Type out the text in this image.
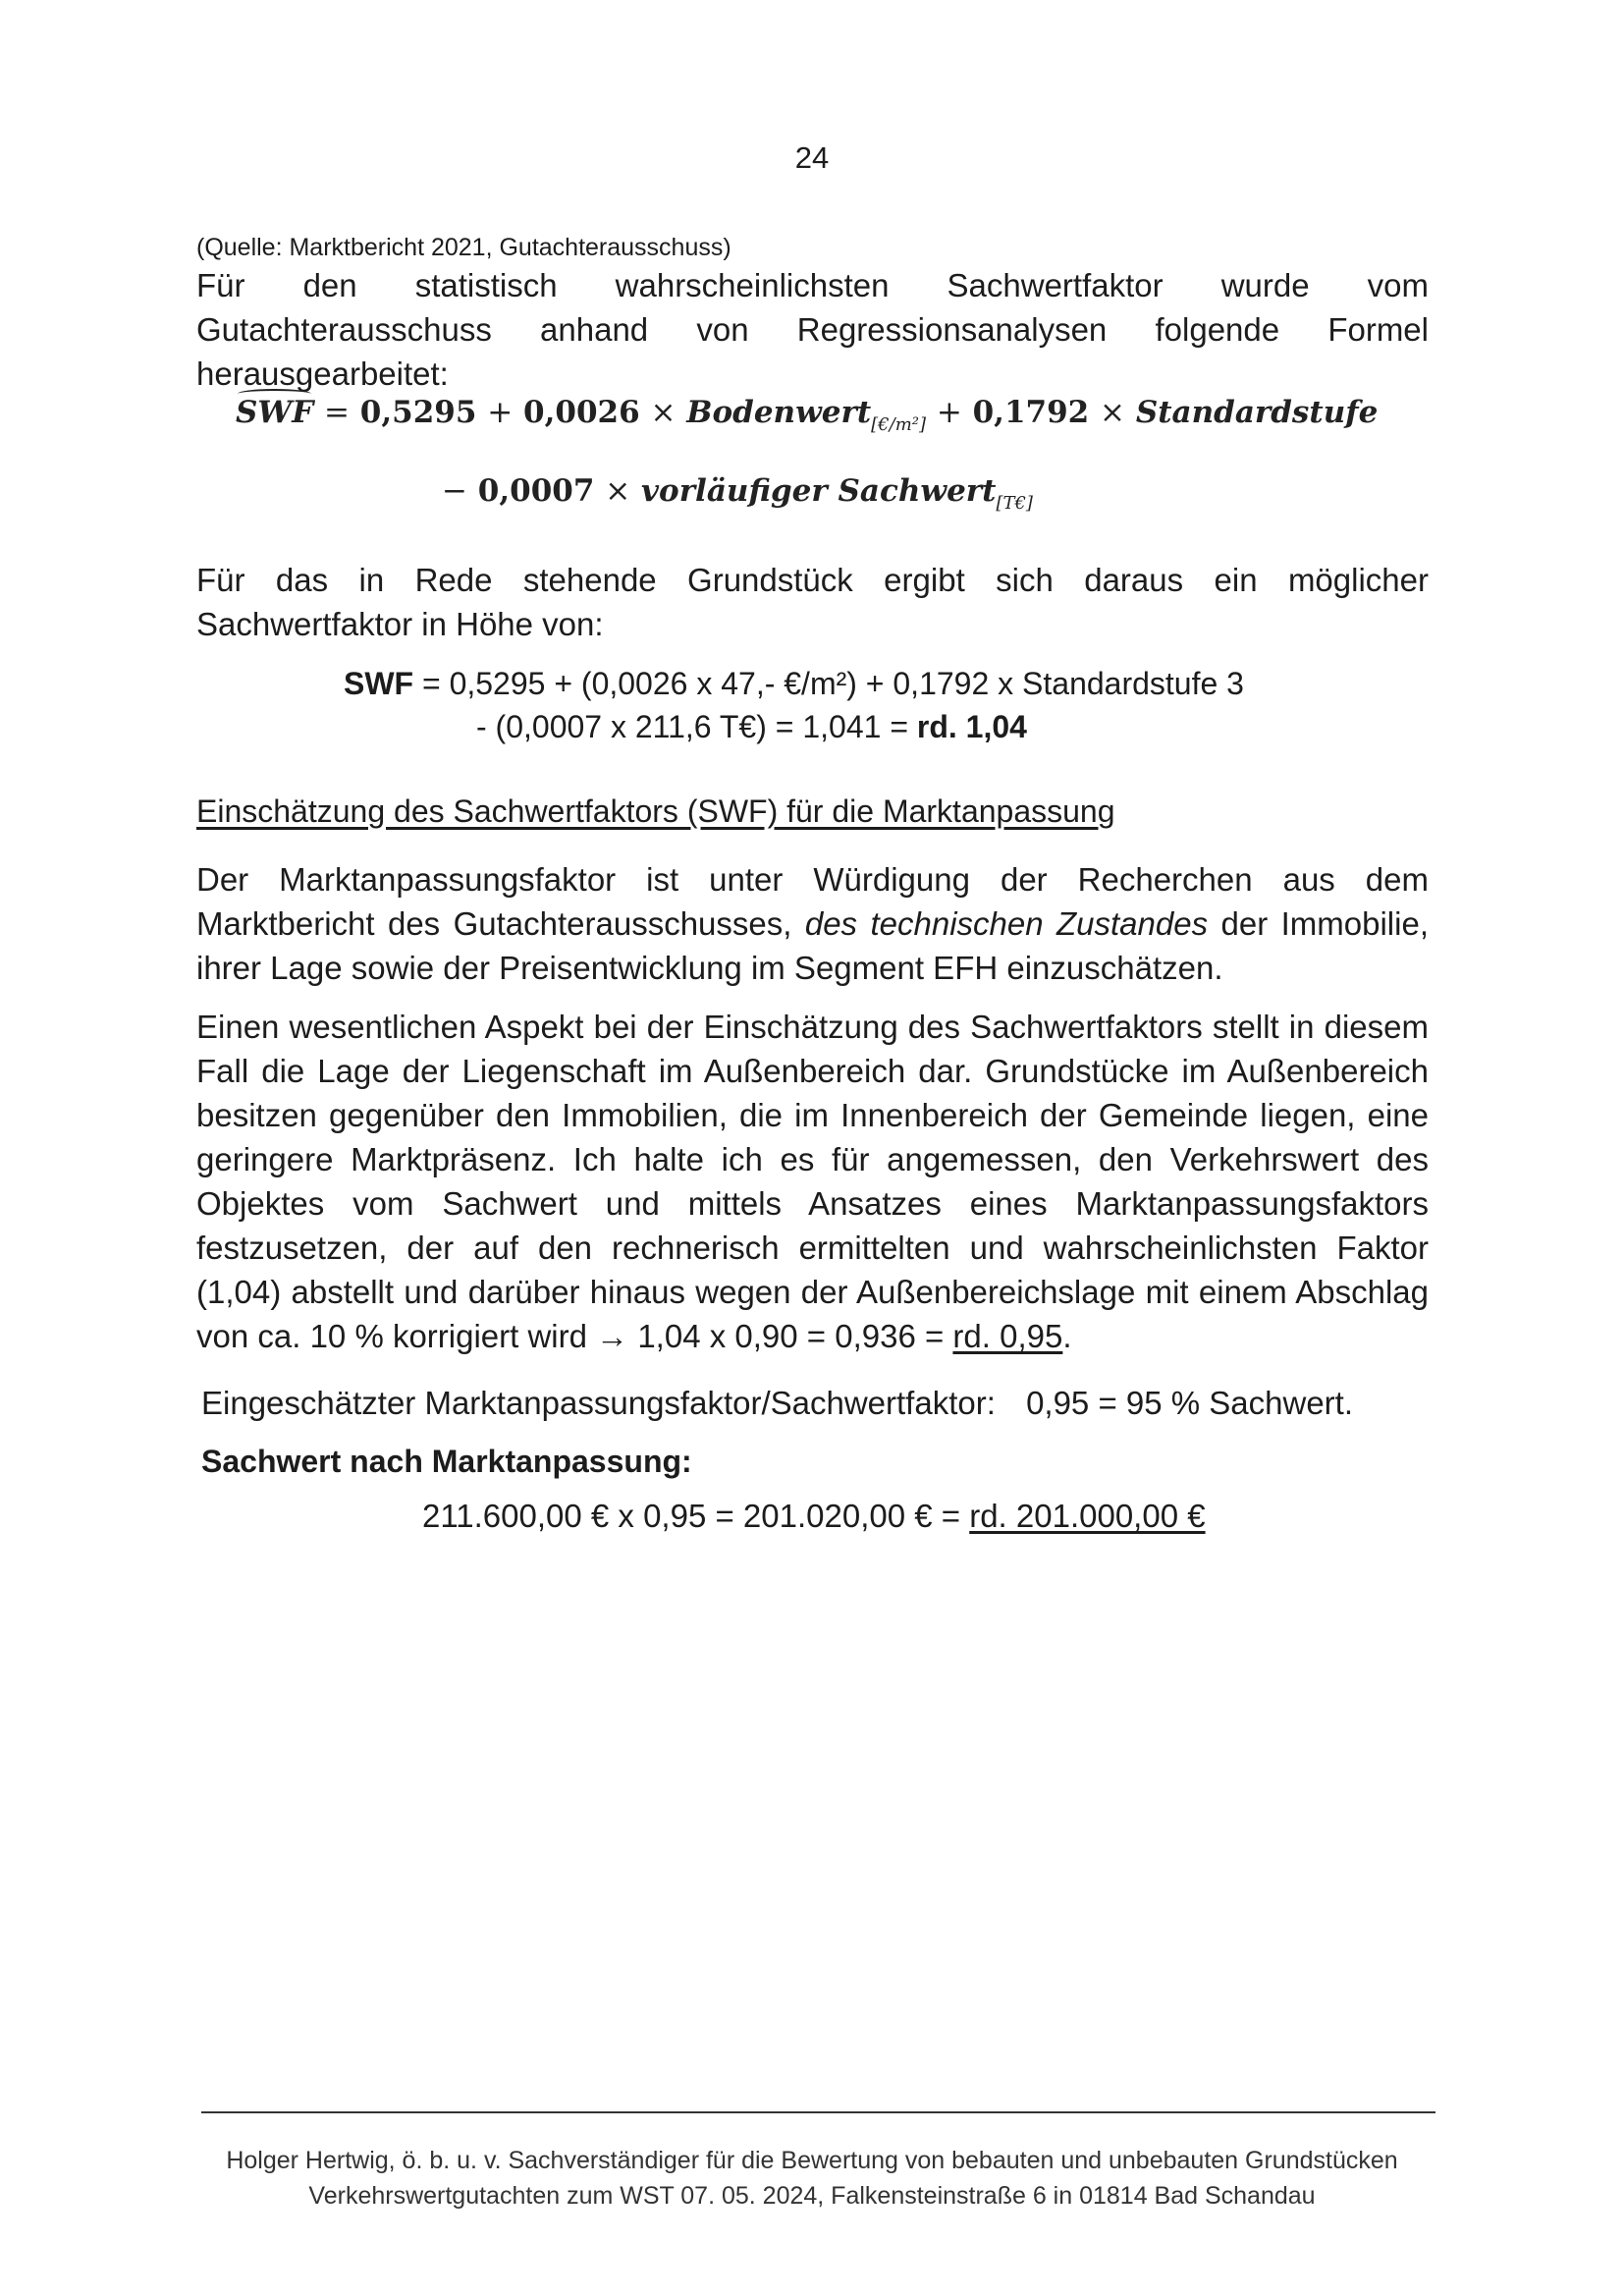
24
(Quelle: Marktbericht 2021, Gutachterausschuss)
Für den statistisch wahrscheinlichsten Sachwertfaktor wurde vom Gutachterausschuss anhand von Regressionsanalysen folgende Formel herausgearbeitet:
SWF = 0,5295 + 0,0026 × Bodenwert$_{[€/m^2]}$ + 0,1792 × Standardstufe
− 0,0007 × vorläufiger Sachwert$_{[T€]}$
Für das in Rede stehende Grundstück ergibt sich daraus ein möglicher Sachwertfaktor in Höhe von:
SWF = 0,5295 + (0,0026 x 47,- €/m²) + 0,1792 x Standardstufe 3
- (0,0007 x 211,6 T€) = 1,041 = rd. 1,04
Einschätzung des Sachwertfaktors (SWF) für die Marktanpassung
Der Marktanpassungsfaktor ist unter Würdigung der Recherchen aus dem Marktbericht des Gutachterausschusses, des technischen Zustandes der Immobilie, ihrer Lage sowie der Preisentwicklung im Segment EFH einzuschätzen.
Einen wesentlichen Aspekt bei der Einschätzung des Sachwertfaktors stellt in diesem Fall die Lage der Liegenschaft im Außenbereich dar. Grundstücke im Außenbereich besitzen gegenüber den Immobilien, die im Innenbereich der Gemeinde liegen, eine geringere Marktpräsenz. Ich halte ich es für angemessen, den Verkehrswert des Objektes vom Sachwert und mittels Ansatzes eines Marktanpassungsfaktors festzusetzen, der auf den rechnerisch ermittelten und wahrscheinlichsten Faktor (1,04) abstellt und darüber hinaus wegen der Außenbereichslage mit einem Abschlag von ca. 10 % korrigiert wird → 1,04 x 0,90 = 0,936 = rd. 0,95.
Eingeschätzter Marktanpassungsfaktor/Sachwertfaktor: 0,95 = 95 % Sachwert.
Sachwert nach Marktanpassung:
211.600,00 € x 0,95 = 201.020,00 € = rd. 201.000,00 €
Holger Hertwig, ö. b. u. v. Sachverständiger für die Bewertung von bebauten und unbebauten Grundstücken
Verkehrswertgutachten zum WST 07. 05. 2024, Falkensteinstraße 6 in 01814 Bad Schandau
